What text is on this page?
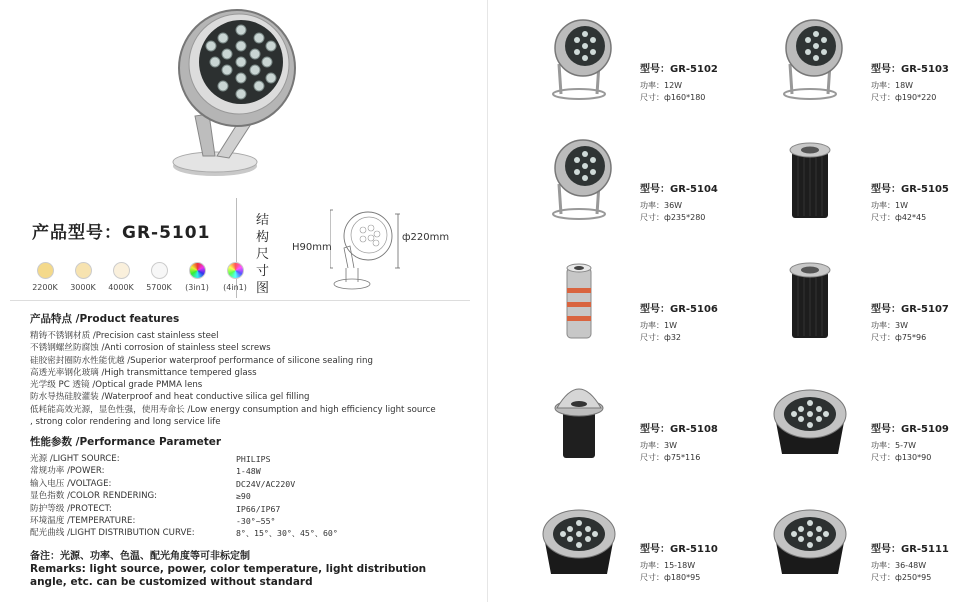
产品型号：GR-5101
结构尺寸图
H90mm
ф220mm
2200K 3000K 4000K 5700K (3in1) (4in1)
产品特点 /Product features
精铸不锈钢材质 /Precision cast stainless steel
不锈钢螺丝防腐蚀 /Anti corrosion of stainless steel screws
硅胶密封圈防水性能优越 /Superior waterproof performance of silicone sealing ring
高透光率钢化玻璃 /High transmittance tempered glass
光学级 PC 透镜 /Optical grade PMMA lens
防水导热硅胶灌装 /Waterproof and heat conductive silica gel filling
低耗能高效光源，显色性强，使用寿命长 /Low energy consumption and high efficiency light source
, strong color rendering and long service life
性能参数 /Performance Parameter
光源 /LIGHT SOURCE:	PHILIPS
常规功率 /POWER:	1-48W
输入电压 /VOLTAGE:	DC24V/AC220V
显色指数 /COLOR RENDERING:	≥90
防护等级 /PROTECT:	IP66/IP67
环境温度 /TEMPERATURE:	-30°~55°
配光曲线 /LIGHT DISTRIBUTION CURVE:	8°、15°、30°、45°、60°
备注：光源、功率、色温、配光角度等可非标定制
Remarks: light source, power, color temperature, light distribution angle, etc. can be customized without standard
型号：GR-5102
功率：12W
尺寸：ф160*180
型号：GR-5103
功率：18W
尺寸：ф190*220
型号：GR-5104
功率：36W
尺寸：ф235*280
型号：GR-5105
功率：1W
尺寸：ф42*45
型号：GR-5106
功率：1W
尺寸：ф32
型号：GR-5107
功率：3W
尺寸：ф75*96
型号：GR-5108
功率：3W
尺寸：ф75*116
型号：GR-5109
功率：5-7W
尺寸：ф130*90
型号：GR-5110
功率：15-18W
尺寸：ф180*95
型号：GR-5111
功率：36-48W
尺寸：ф250*95
